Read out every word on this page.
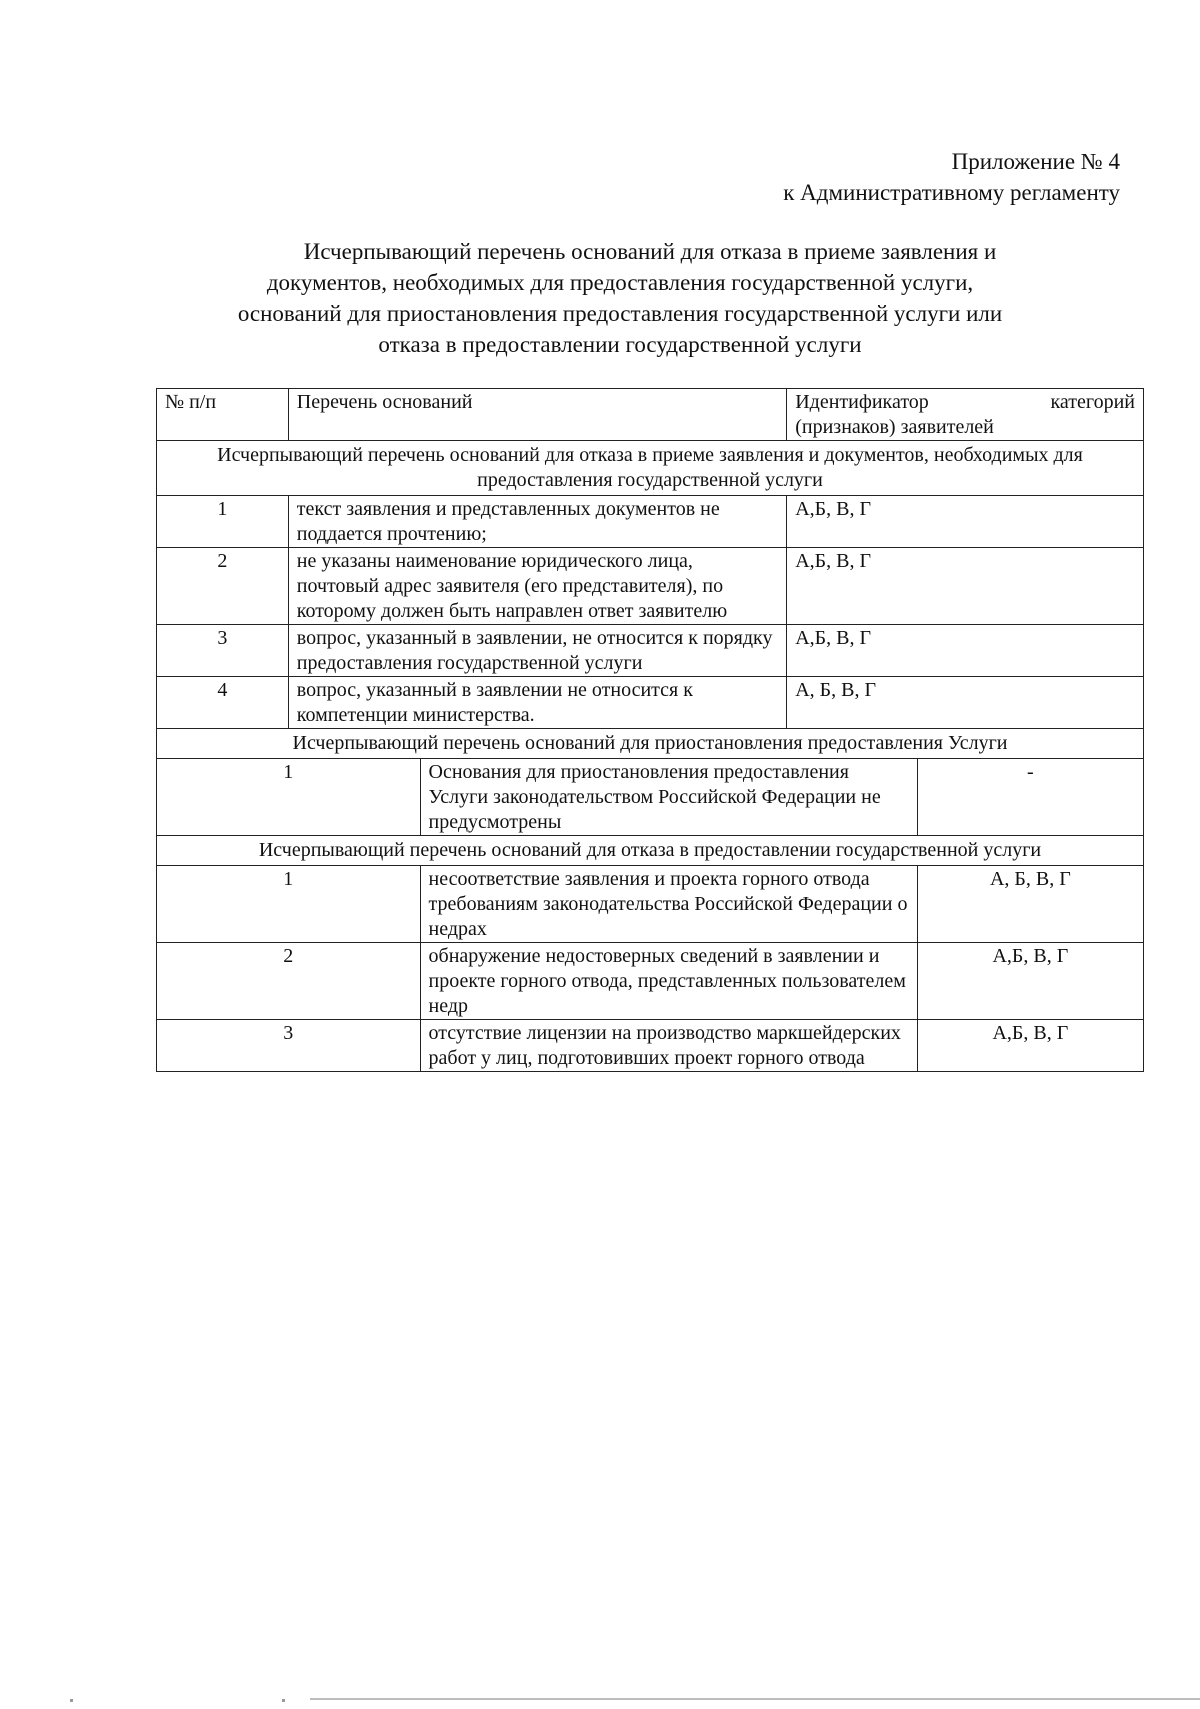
Приложение № 4
к Административному регламенту
Исчерпывающий перечень оснований для отказа в приеме заявления и
документов, необходимых для предоставления государственной услуги,
оснований для приостановления предоставления государственной услуги или
отказа в предоставлении государственной услуги
№ п/п	Перечень оснований		Идентификатор категорий
(признаков) заявителей	

Исчерпывающий перечень оснований для отказа в приеме заявления и документов, необходимых для предоставления государственной услуги				
1	текст заявления и представленных документов не поддается прочтению;		А,Б, В, Г	
2	не указаны наименование юридического лица, почтовый адрес заявителя (его представителя), по которому должен быть направлен ответ заявителю		А,Б, В, Г	
3	вопрос, указанный в заявлении, не относится к порядку предоставления государственной услуги		А,Б, В, Г	
4	вопрос, указанный в заявлении не относится к компетенции министерства.		А, Б, В, Г	
Исчерпывающий перечень оснований для приостановления предоставления Услуги				
1		Основания для приостановления предоставления Услуги законодательством Российской Федерации не предусмотрены		-
Исчерпывающий перечень оснований для отказа в предоставлении государственной услуги				
1		несоответствие заявления и проекта горного отвода требованиям законодательства Российской Федерации о недрах		А, Б, В, Г
2		обнаружение недостоверных сведений в заявлении и проекте горного отвода, представленных пользователем недр		А,Б, В, Г
3		отсутствие лицензии на производство маркшейдерских работ у лиц, подготовивших проект горного отвода		А,Б, В, Г
